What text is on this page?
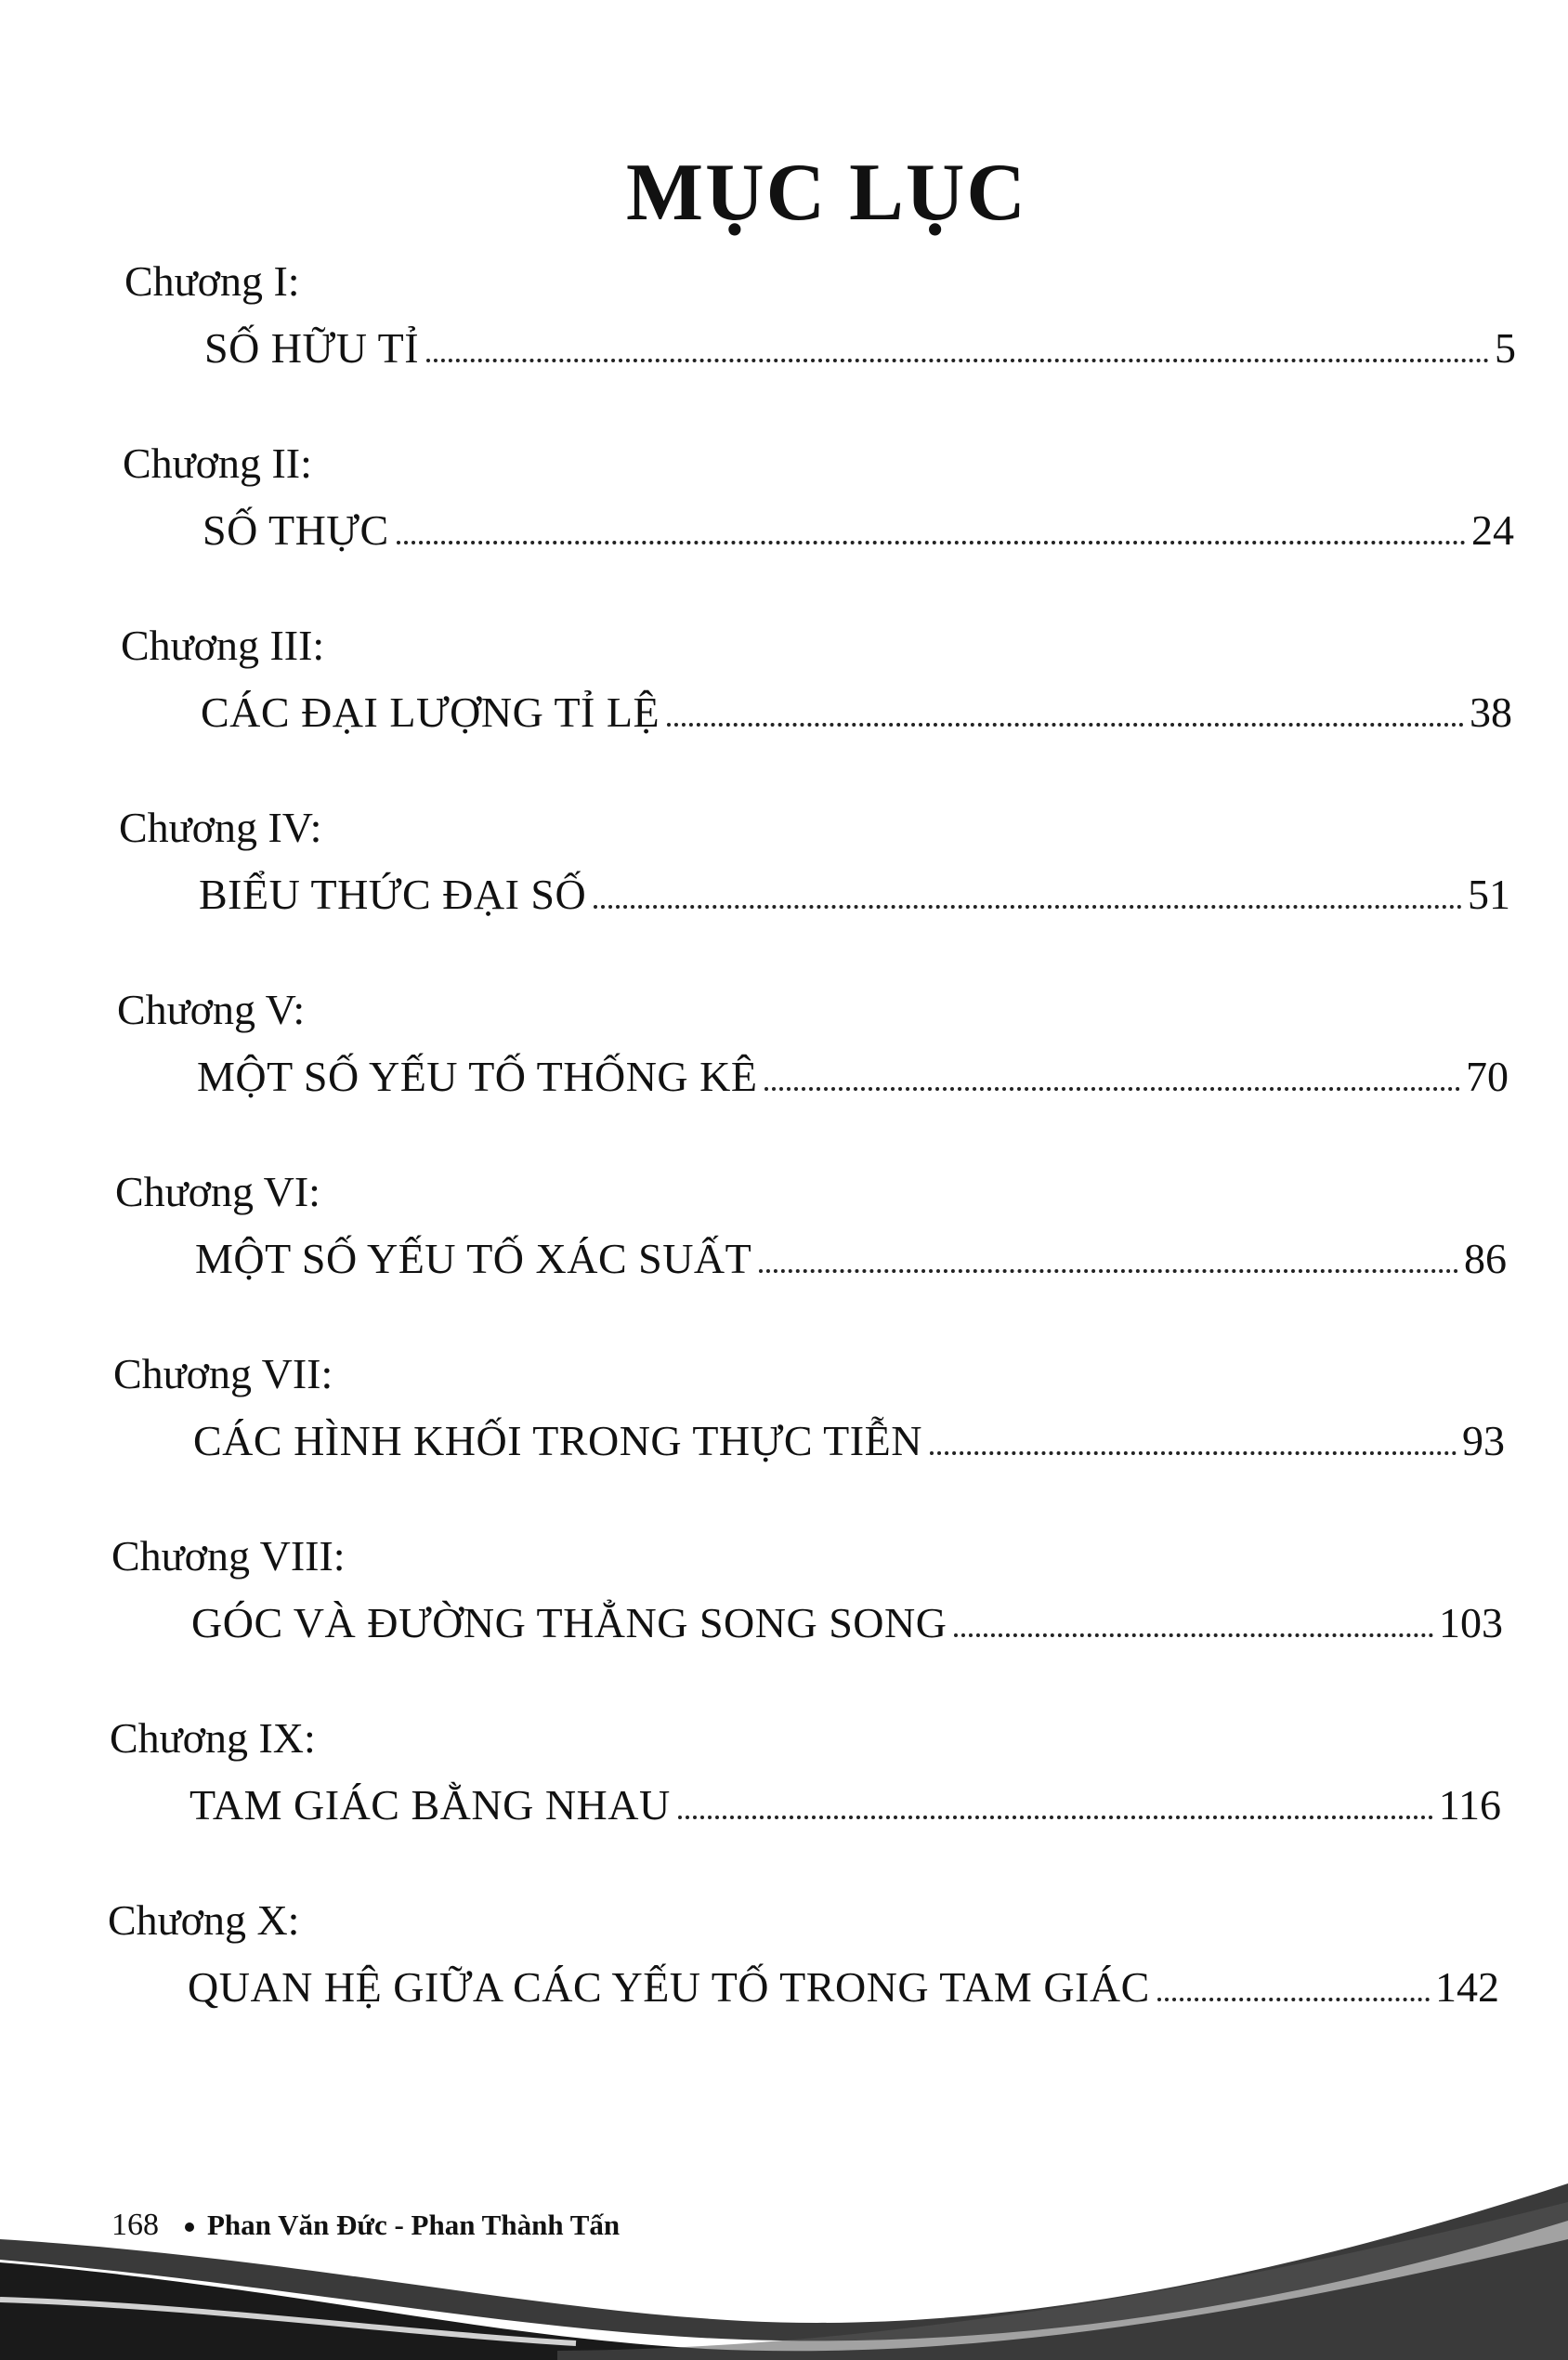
MỤC LỤC
Chương I:
SỐ HỮU TỈ	5
Chương II:
SỐ THỰC	24
Chương III:
CÁC ĐẠI LƯỢNG TỈ LỆ	38
Chương IV:
BIỂU THỨC ĐẠI SỐ	51
Chương V:
MỘT SỐ YẾU TỐ THỐNG KÊ	70
Chương VI:
MỘT SỐ YẾU TỐ XÁC SUẤT	86
Chương VII:
CÁC HÌNH KHỐI TRONG THỰC TIỄN	93
Chương VIII:
GÓC VÀ ĐƯỜNG THẲNG SONG SONG	103
Chương IX:
TAM GIÁC BẰNG NHAU	116
Chương X:
QUAN HỆ GIỮA CÁC YẾU TỐ TRONG TAM GIÁC	142
168 Phan Văn Đức - Phan Thành Tấn
